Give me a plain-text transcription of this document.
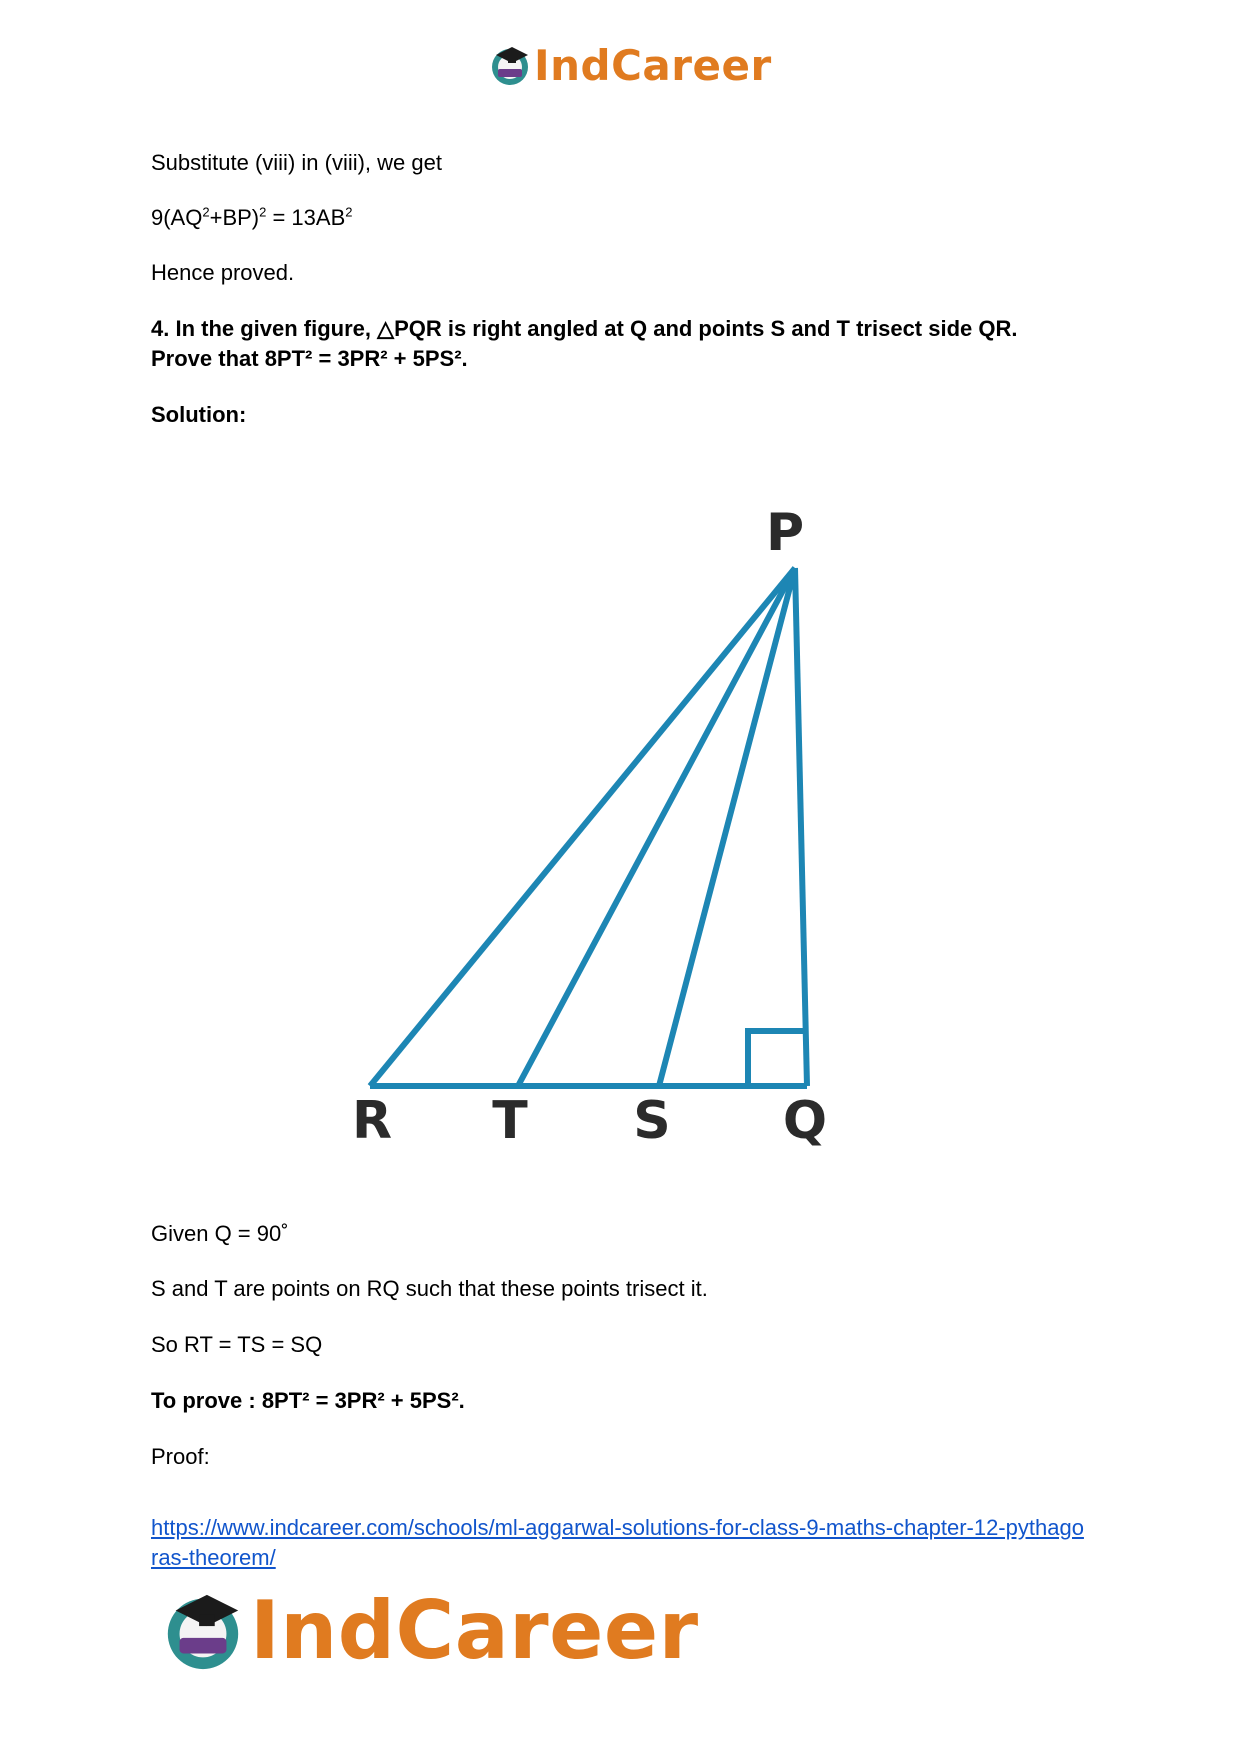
IndCareer
Substitute (viii) in (viii), we get
$9(AQ^2+BP)^2 = 13AB^2$
Hence proved.
4. In the given figure, △PQR is right angled at Q and points S and T trisect side QR.
Prove that 8PT² = 3PR² + 5PS².
Solution:
P
R T S Q
Given Q = 90˚
S and T are points on RQ such that these points trisect it.
So RT = TS = SQ
To prove : 8PT² = 3PR² + 5PS².
Proof:
https://www.indcareer.com/schools/ml-aggarwal-solutions-for-class-9-maths-chapter-12-pythagoras-theorem/
IndCareer
